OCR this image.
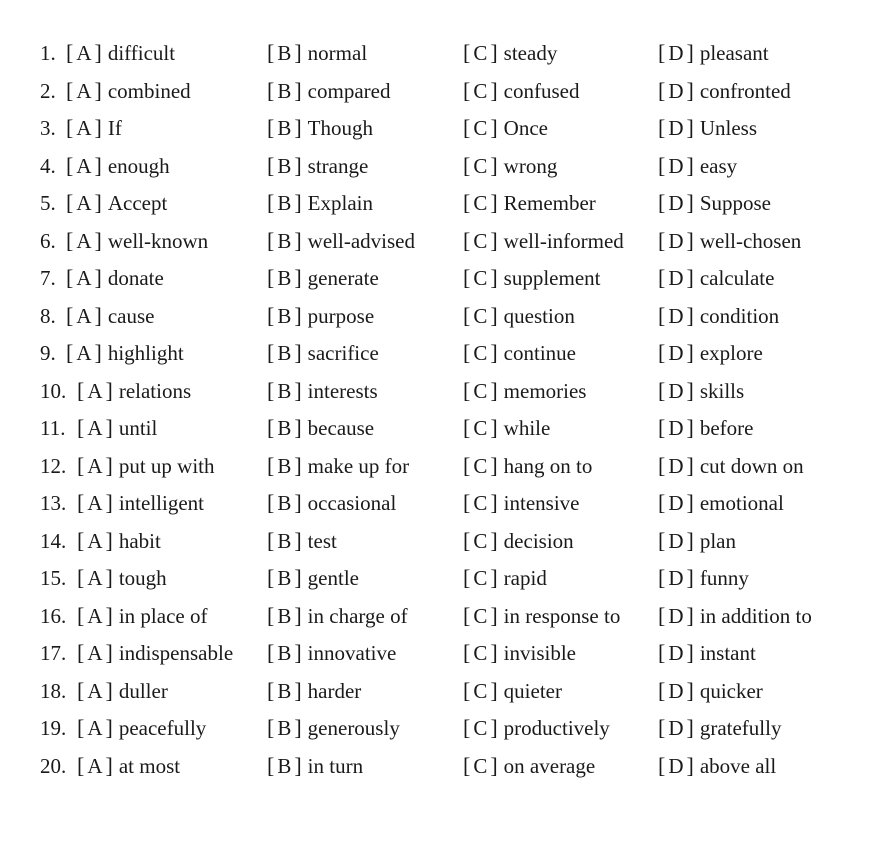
1. [ A ] difficult	[ B ] normal	[ C ] steady	[ D ] pleasant
2. [ A ] combined	[ B ] compared	[ C ] confused	[ D ] confronted
3. [ A ] If	[ B ] Though	[ C ] Once	[ D ] Unless
4. [ A ] enough	[ B ] strange	[ C ] wrong	[ D ] easy
5. [ A ] Accept	[ B ] Explain	[ C ] Remember	[ D ] Suppose
6. [ A ] well-known	[ B ] well-advised [ C ] well-informed [ D ] well-chosen
7. [ A ] donate	[ B ] generate	[ C ] supplement	[ D ] calculate
8. [ A ] cause	[ B ] purpose	[ C ] question	[ D ] condition
9. [ A ] highlight	[ B ] sacrifice	[ C ] continue	[ D ] explore
10. [ A ] relations	[ B ] interests	[ C ] memories	[ D ] skills
11. [ A ] until	[ B ] because	[ C ] while	[ D ] before
12. [ A ] put up with [ B ] make up for [ C ] hang on to	[ D ] cut down on
13. [ A ] intelligent	[ B ] occasional	[ C ] intensive	[ D ] emotional
14. [ A ] habit	[ B ] test	[ C ] decision	[ D ] plan
15. [ A ] tough	[ B ] gentle	[ C ] rapid	[ D ] funny
16. [ A ] in place of	[ B ] in charge of	[ C ] in response to [ D ] in addition to
17. [ A ] indispensable [ B ] innovative	[ C ] invisible	[ D ] instant
18. [ A ] duller	[ B ] harder	[ C ] quieter	[ D ] quicker
19. [ A ] peacefully	[ B ] generously	[ C ] productively [ D ] gratefully
20. [ A ] at most	[ B ] in turn	[ C ] on average	[ D ] above all
